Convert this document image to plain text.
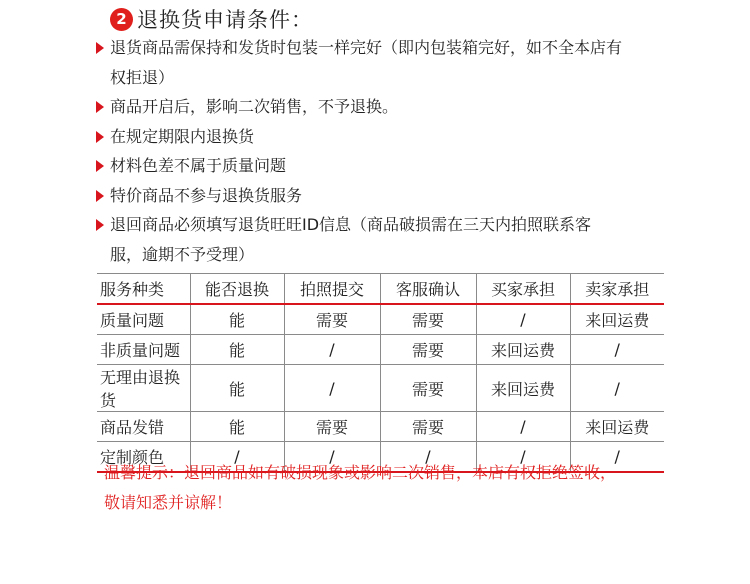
2 退换货申请条件：
退货商品需保持和发货时包装一样完好（即内包装箱完好，如不全本店有
权拒退）
商品开启后，影响二次销售，不予退换。
在规定期限内退换货
材料色差不属于质量问题
特价商品不参与退换货服务
退回商品必须填写退货旺旺ID信息（商品破损需在三天内拍照联系客
服，逾期不予受理）
服务种类	能否退换	拍照提交	客服确认	买家承担	卖家承担
质量问题	能	需要	需要	/	来回运费
非质量问题	能	/	需要	来回运费	/
无理由退换货	能	/	需要	来回运费	/
商品发错	能	需要	需要	/	来回运费
定制颜色	/	/	/	/	/
温馨提示：退回商品如有破损现象或影响二次销售，本店有权拒绝签收，
敬请知悉并谅解！
